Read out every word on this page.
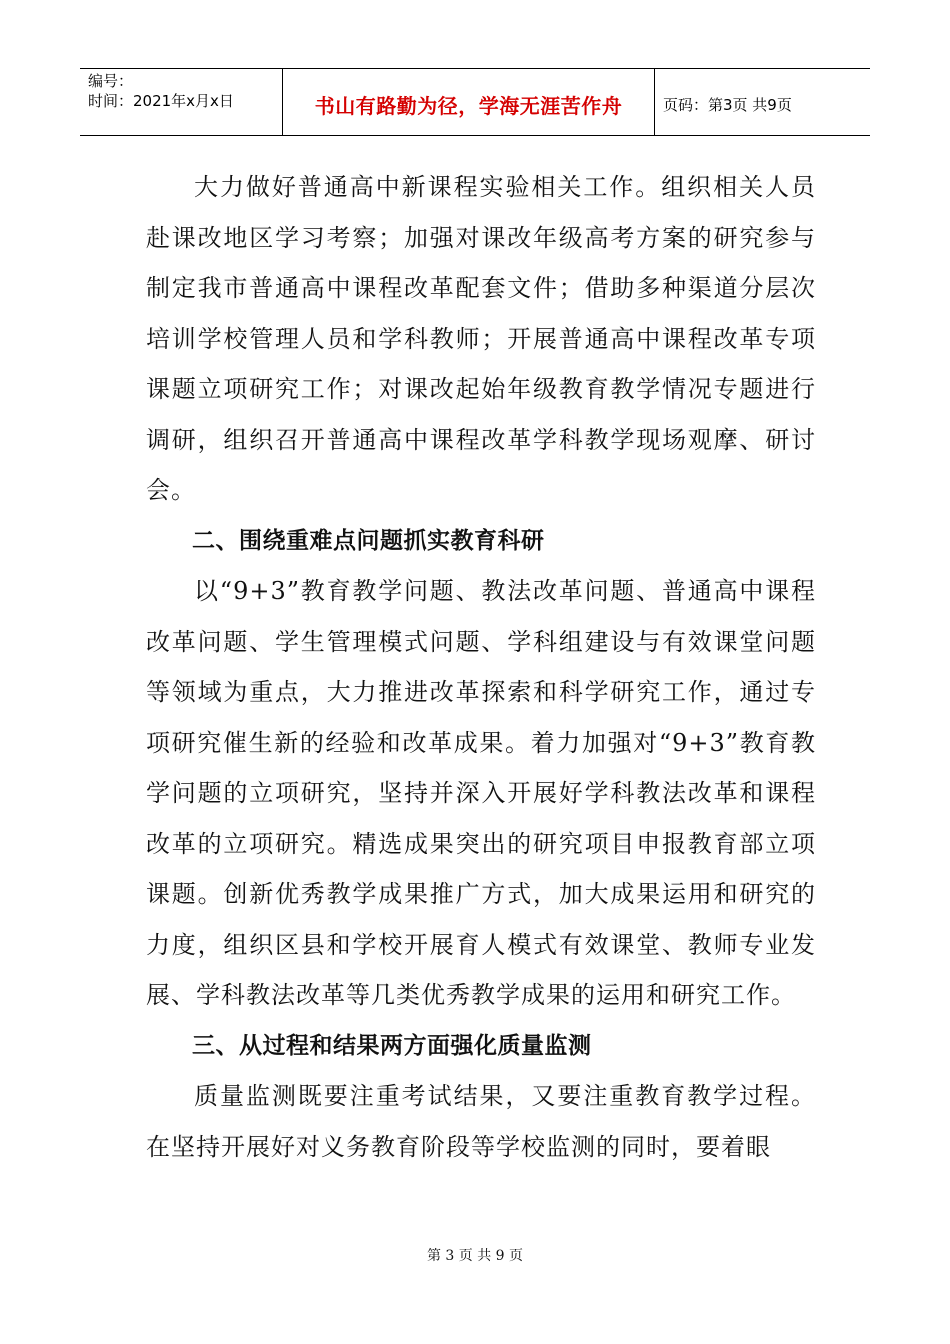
编号：
时间：2021年x月x日	书山有路勤为径，学海无涯苦作舟	页码：第3页 共9页

大力做好普通高中新课程实验相关工作。组织相关人员赴课改地区学习考察；加强对课改年级高考方案的研究参与制定我市普通高中课程改革配套文件；借助多种渠道分层次培训学校管理人员和学科教师；开展普通高中课程改革专项课题立项研究工作；对课改起始年级教育教学情况专题进行调研，组织召开普通高中课程改革学科教学现场观摩、研讨会。

二、围绕重难点问题抓实教育科研

以“9+3”教育教学问题、教法改革问题、普通高中课程改革问题、学生管理模式问题、学科组建设与有效课堂问题等领域为重点，大力推进改革探索和科学研究工作，通过专项研究催生新的经验和改革成果。着力加强对“9+3”教育教学问题的立项研究，坚持并深入开展好学科教法改革和课程改革的立项研究。精选成果突出的研究项目申报教育部立项课题。创新优秀教学成果推广方式，加大成果运用和研究的力度，组织区县和学校开展育人模式有效课堂、教师专业发展、学科教法改革等几类优秀教学成果的运用和研究工作。

三、从过程和结果两方面强化质量监测

质量监测既要注重考试结果，又要注重教育教学过程。在坚持开展好对义务教育阶段等学校监测的同时，要着眼

第 3 页 共 9 页
